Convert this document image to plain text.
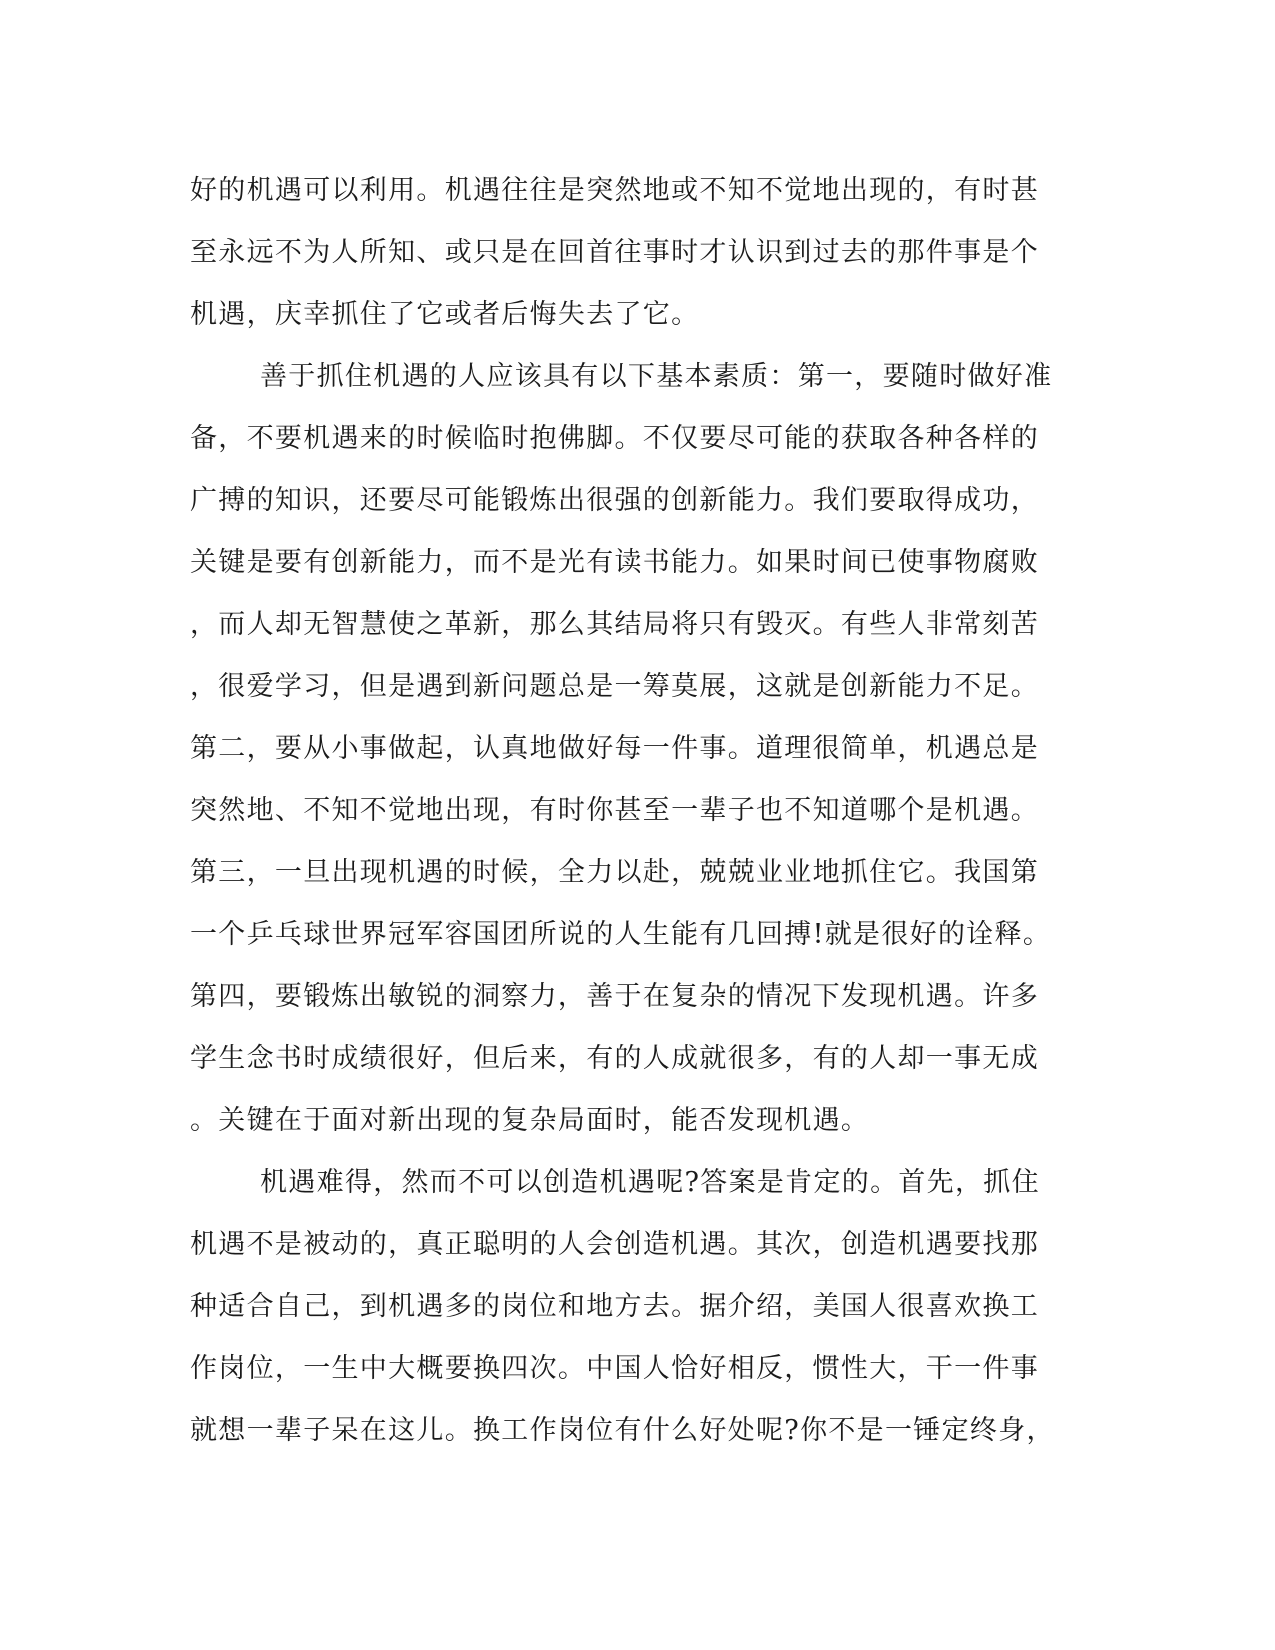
好的机遇可以利用。机遇往往是突然地或不知不觉地出现的，有时甚
至永远不为人所知、或只是在回首往事时才认识到过去的那件事是个
机遇，庆幸抓住了它或者后悔失去了它。
善于抓住机遇的人应该具有以下基本素质：第一，要随时做好准
备，不要机遇来的时候临时抱佛脚。不仅要尽可能的获取各种各样的
广搏的知识，还要尽可能锻炼出很强的创新能力。我们要取得成功，
关键是要有创新能力，而不是光有读书能力。如果时间已使事物腐败
，而人却无智慧使之革新，那么其结局将只有毁灭。有些人非常刻苦
，很爱学习，但是遇到新问题总是一筹莫展，这就是创新能力不足。
第二，要从小事做起，认真地做好每一件事。道理很简单，机遇总是
突然地、不知不觉地出现，有时你甚至一辈子也不知道哪个是机遇。
第三，一旦出现机遇的时候，全力以赴，兢兢业业地抓住它。我国第
一个乒乓球世界冠军容国团所说的人生能有几回搏!就是很好的诠释。
第四，要锻炼出敏锐的洞察力，善于在复杂的情况下发现机遇。许多
学生念书时成绩很好，但后来，有的人成就很多，有的人却一事无成
。关键在于面对新出现的复杂局面时，能否发现机遇。
机遇难得，然而不可以创造机遇呢?答案是肯定的。首先，抓住
机遇不是被动的，真正聪明的人会创造机遇。其次，创造机遇要找那
种适合自己，到机遇多的岗位和地方去。据介绍，美国人很喜欢换工
作岗位，一生中大概要换四次。中国人恰好相反，惯性大，干一件事
就想一辈子呆在这儿。换工作岗位有什么好处呢?你不是一锤定终身，
